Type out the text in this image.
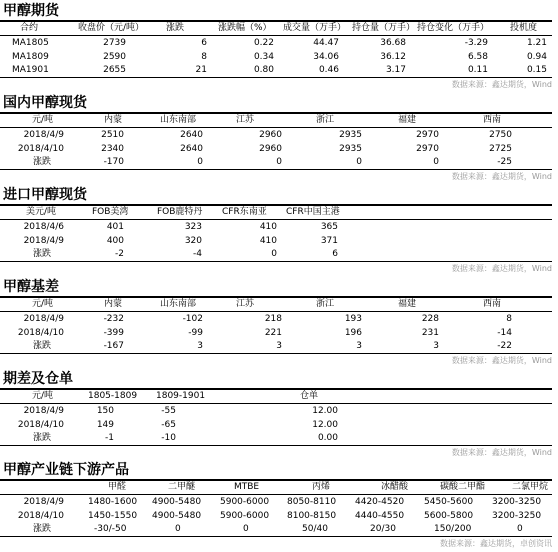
甲醇期货
合约	收盘价（元/吨） 涨跌	涨跌幅（%） 成交量（万手） 持仓量（万手） 持仓变化（万手） 投机度
MA1805	2739	6	0.22	44.47	36.68	-3.29	1.21
MA1809	2590	8	0.34	34.06	36.12	6.58	0.94
MA1901	2655	21	0.80	0.46	3.17	0.11	0.15
数据来源：鑫达期货，Wind
国内甲醇现货
元/吨	内蒙	山东南部	江苏	浙江	福建	西南
2018/4/9	2510	2640	2960	2935	2970	2750
2018/4/10	2340	2640	2960	2935	2970	2725
涨跌	-170	0	0	0	0	-25
数据来源：鑫达期货，Wind
进口甲醇现货
美元/吨	FOB美湾	FOB鹿特丹 CFR东南亚 CFR中国主港
2018/4/6	401	323	410	365
2018/4/9	400	320	410	371
涨跌	-2	-4	0	6
数据来源：鑫达期货，Wind
甲醇基差
元/吨	内蒙	山东南部	江苏	浙江	福建	西南
2018/4/9	-232	-102	218	193	228	8
2018/4/10	-399	-99	221	196	231	-14
涨跌	-167	3	3	3	3	-22
数据来源：鑫达期货，Wind
期差及仓单
元/吨	1805-1809 1809-1901	仓单
2018/4/9	150	-55	12.00
2018/4/10	149	-65	12.00
涨跌	-1	-10	0.00
数据来源：鑫达期货，Wind
甲醇产业链下游产品
甲醛	二甲醚	MTBE	丙烯	冰醋酸	碳酸二甲酯	二氯甲烷
2018/4/9	1480-1600 4900-5480 5900-6000 8050-8110 4420-4520 5450-5600 3200-3250
2018/4/10	1450-1550 4900-5480 5900-6000 8100-8150 4440-4550 5600-5800 3200-3250
涨跌	-30/-50	0	0	50/40	20/30	150/200	0
数据来源：鑫达期货，卓创资讯
